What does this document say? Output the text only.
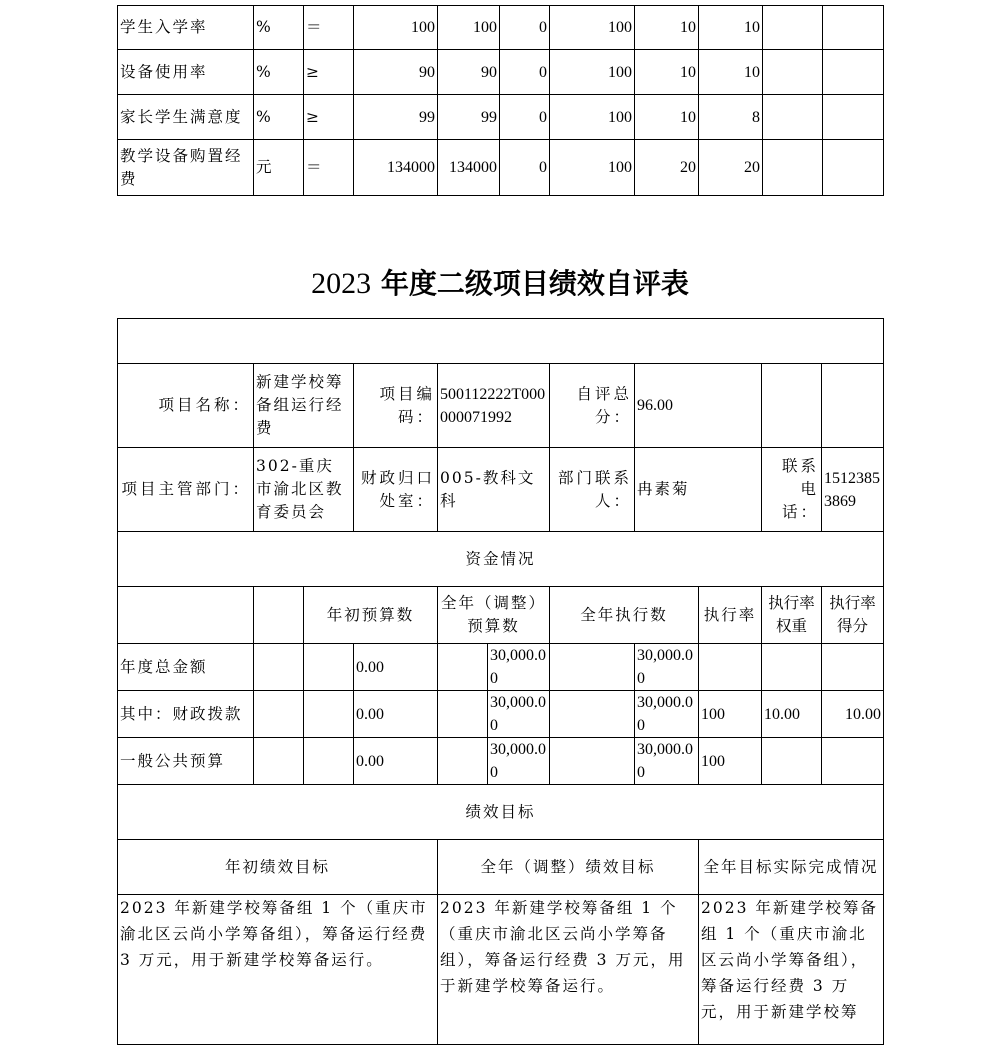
学生入学率	%	＝	100	100	0	100	10	10		
设备使用率	%	≥	90	90	0	100	10	10		
家长学生满意度	%	≥	99	99	0	100	10	8		
教学设备购置经费	元	＝	134000	134000	0	100	20	20		
2023 年度二级项目绩效自评表

项目名称：	新建学校筹备组运行经费		项目编码：	500112222T000000071992		自评总分：	96.00			
项目主管部门：	302-重庆市渝北区教育委员会		财政归口处室：	005-教科文科		部门联系人：	冉素菊		联系电话：	15123853869
资金情况										
		年初预算数		全年（调整）预算数		全年执行数		执行率	执行率权重	执行率得分
年度总金额			0.00		30,000.00		30,000.00			
其中：财政拨款			0.00		30,000.00		30,000.00	100	10.00	10.00
一般公共预算			0.00		30,000.00		30,000.00	100		
绩效目标										
年初绩效目标				全年（调整）绩效目标				全年目标实际完成情况		
2023 年新建学校筹备组 1 个（重庆市渝北区云尚小学筹备组），筹备运行经费 3 万元，用于新建学校筹备运行。				2023 年新建学校筹备组 1 个（重庆市渝北区云尚小学筹备组），筹备运行经费 3 万元，用于新建学校筹备运行。				2023 年新建学校筹备组 1 个（重庆市渝北区云尚小学筹备组），筹备运行经费 3 万元，用于新建学校筹		
